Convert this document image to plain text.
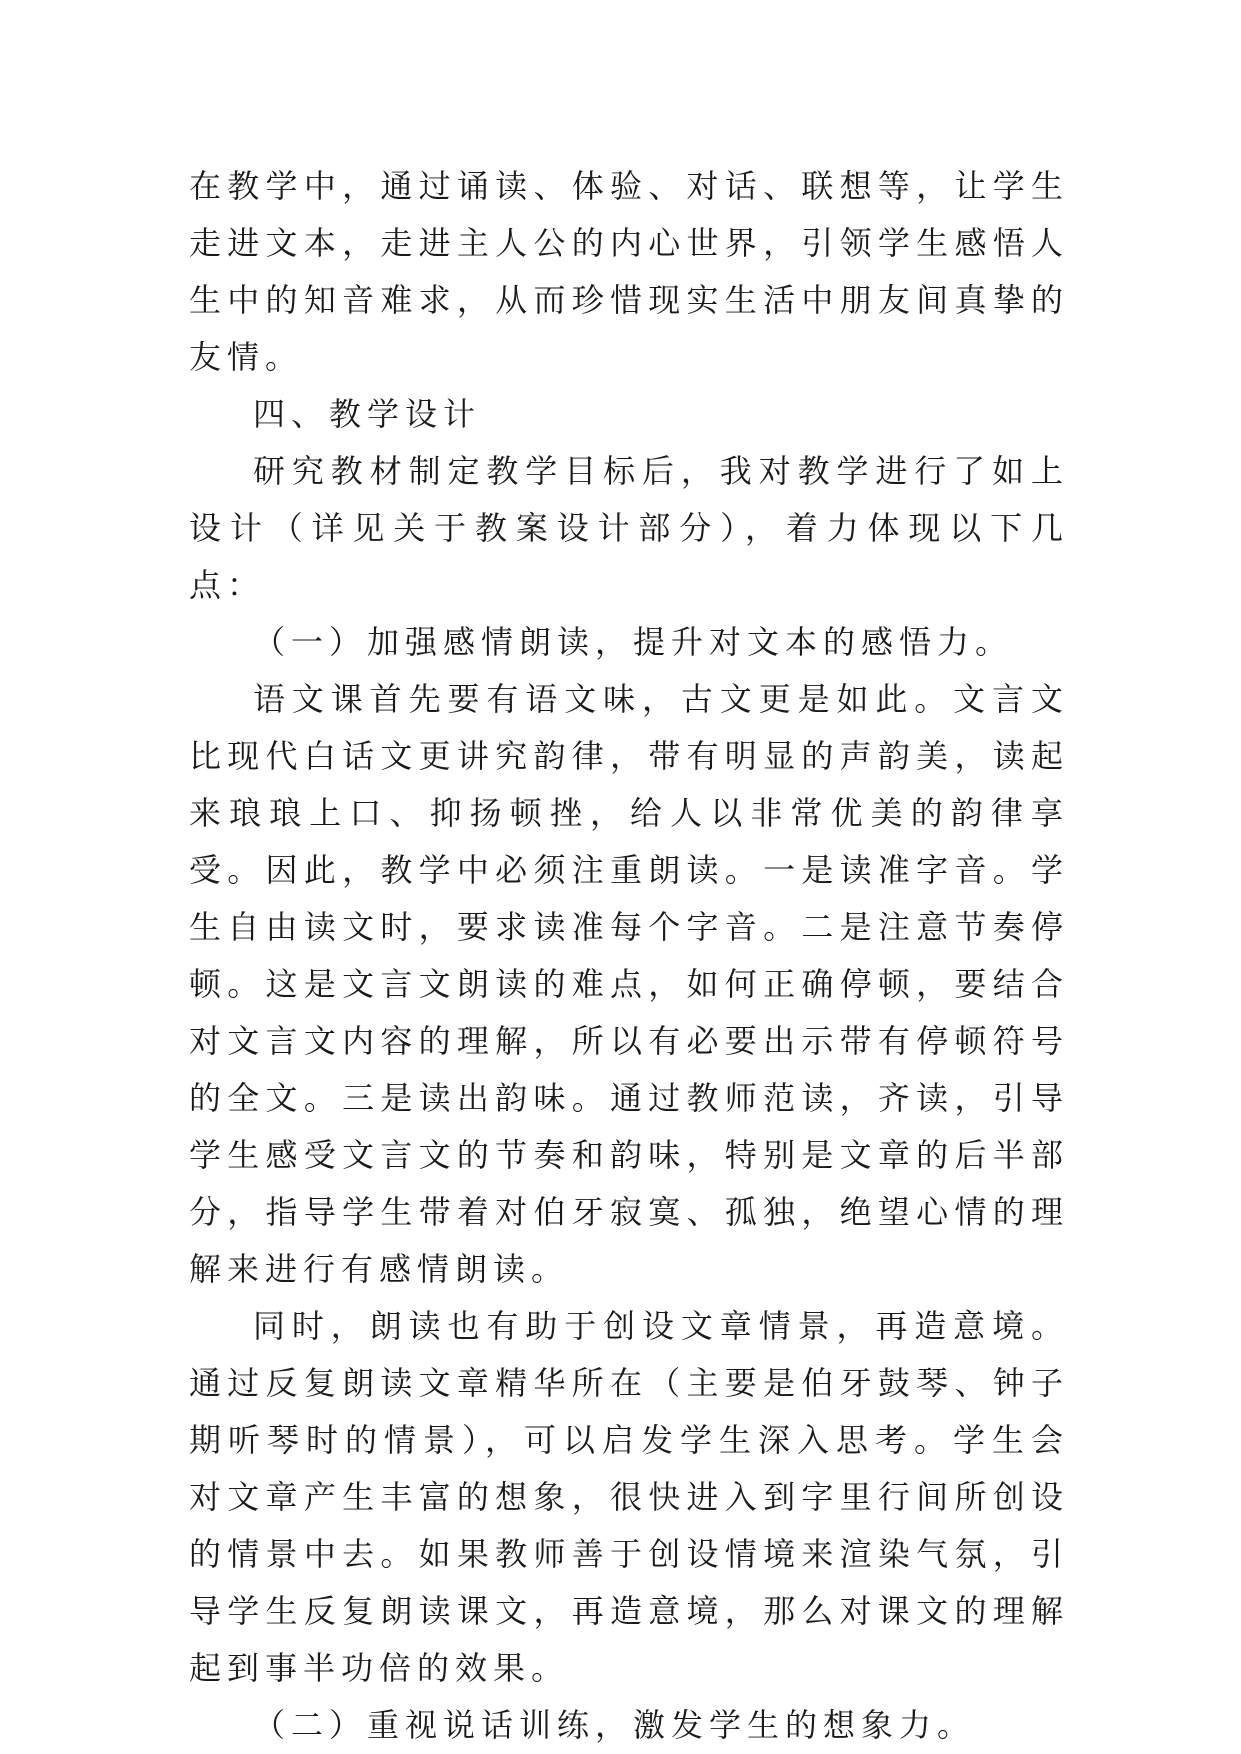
在教学中，通过诵读、体验、对话、联想等，让学生走进文本，走进主人公的内心世界，引领学生感悟人生中的知音难求，从而珍惜现实生活中朋友间真挚的友情。

四、教学设计

研究教材制定教学目标后，我对教学进行了如上设计（详见关于教案设计部分），着力体现以下几点：

（一）加强感情朗读，提升对文本的感悟力。

语文课首先要有语文味，古文更是如此。文言文比现代白话文更讲究韵律，带有明显的声韵美，读起来琅琅上口、抑扬顿挫，给人以非常优美的韵律享受。因此，教学中必须注重朗读。一是读准字音。学生自由读文时，要求读准每个字音。二是注意节奏停顿。这是文言文朗读的难点，如何正确停顿，要结合对文言文内容的理解，所以有必要出示带有停顿符号的全文。三是读出韵味。通过教师范读，齐读，引导学生感受文言文的节奏和韵味，特别是文章的后半部分，指导学生带着对伯牙寂寞、孤独，绝望心情的理解来进行有感情朗读。

同时，朗读也有助于创设文章情景，再造意境。通过反复朗读文章精华所在（主要是伯牙鼓琴、钟子期听琴时的情景），可以启发学生深入思考。学生会对文章产生丰富的想象，很快进入到字里行间所创设的情景中去。如果教师善于创设情境来渲染气氛，引导学生反复朗读课文，再造意境，那么对课文的理解起到事半功倍的效果。

（二）重视说话训练，激发学生的想象力。
